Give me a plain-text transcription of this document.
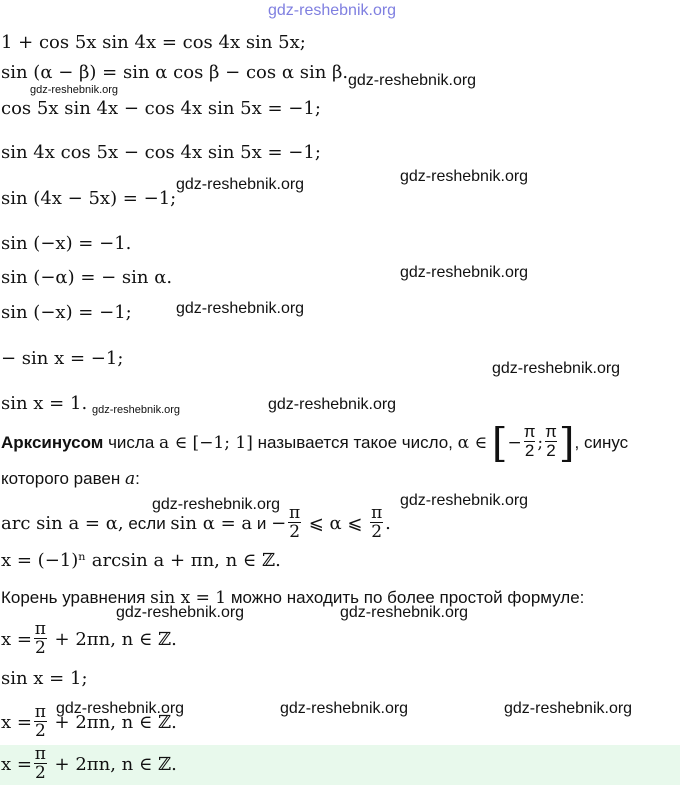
gdz-reshebnik.org
1 + cos 5x sin 4x = cos 4x sin 5x;
sin (α − β) = sin α cos β − cos α sin β.
cos 5x sin 4x − cos 4x sin 5x = −1;
sin 4x cos 5x − cos 4x sin 5x = −1;
sin (4x − 5x) = −1;
sin (−x) = −1.
sin (−α) = − sin α.
sin (−x) = −1;
− sin x = −1;
sin x = 1.
Арксинусом числа a ∈ [−1; 1] называется такое число, α ∈ [− $\frac{\pi}{2}$ ; $\frac{\pi}{2}$ ], синус
которого равен a:
arc sin a = α, если sin α = a $и - \frac{\pi}{2}$ ⩽ α ⩽ $\frac{\pi}{2}$ .
x = (−1)ⁿ arcsin a + πn, n ∈ ℤ.
Корень уравнения sin x = 1 можно находить по более простой формуле:
$x = \frac{\pi}{2} + 2\pi n$, n ∈ ℤ.
sin x = 1;
$x = \frac{\pi}{2} + 2\pi n$, n ∈ ℤ.
$x = \frac{\pi}{2} + 2\pi n$, n ∈ ℤ.
gdz-reshebnik.org
gdz-reshebnik.org
gdz-reshebnik.org	gdz-reshebnik.org
gdz-reshebnik.org
gdz-reshebnik.org
gdz-reshebnik.org
gdz-reshebnik.org	gdz-reshebnik.org
gdz-reshebnik.org	gdz-reshebnik.org
gdz-reshebnik.org	gdz-reshebnik.org
gdz-reshebnik.org	gdz-reshebnik.org	gdz-reshebnik.org
